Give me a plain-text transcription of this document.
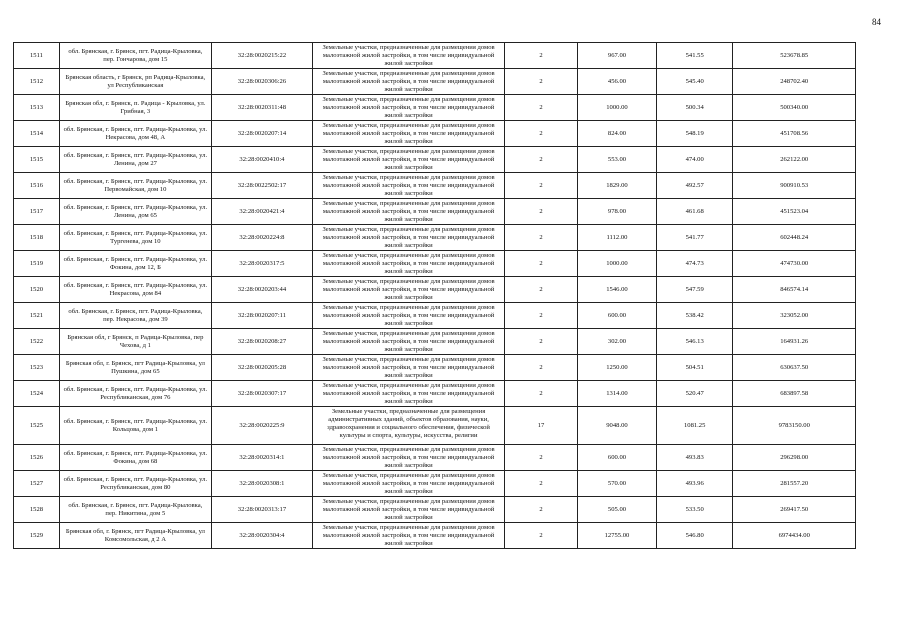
84
1511	обл. Брянская, г. Брянск, пгт. Радица-Крыловка, пер. Гончарова, дом 15	32:28:0020215:22	Земельные участки, предназначенные для размещения домов малоэтажной жилой застройки, в том числе индивидуальной жилой застройки	2	967.00	541.55	523678.85
1512	Брянская область, г Брянск, рп Радица-Крыловка, ул Республиканская	32:28:0020306:26	Земельные участки, предназначенные для размещения домов малоэтажной жилой застройки, в том числе индивидуальной жилой застройки	2	456.00	545.40	248702.40
1513	Брянская обл, г. Брянск, п. Радица - Крыловка, ул. Грибная, 3	32:28:0020311:48	Земельные участки, предназначенные для размещения домов малоэтажной жилой застройки, в том числе индивидуальной жилой застройки	2	1000.00	500.34	500340.00
1514	обл. Брянская, г. Брянск, пгт. Радица-Крыловка, ул. Некрасова, дом 48, А	32:28:0020207:14	Земельные участки, предназначенные для размещения домов малоэтажной жилой застройки, в том числе индивидуальной жилой застройки	2	824.00	548.19	451708.56
1515	обл. Брянская, г. Брянск, пгт. Радица-Крыловка, ул. Ленина, дом 27	32:28:0020410:4	Земельные участки, предназначенные для размещения домов малоэтажной жилой застройки, в том числе индивидуальной жилой застройки	2	553.00	474.00	262122.00
1516	обл. Брянская, г. Брянск, пгт. Радица-Крыловка, ул. Первомайская, дом 10	32:28:0022502:17	Земельные участки, предназначенные для размещения домов малоэтажной жилой застройки, в том числе индивидуальной жилой застройки	2	1829.00	492.57	900910.53
1517	обл. Брянская, г. Брянск, пгт. Радица-Крыловка, ул. Ленина, дом 65	32:28:0020421:4	Земельные участки, предназначенные для размещения домов малоэтажной жилой застройки, в том числе индивидуальной жилой застройки	2	978.00	461.68	451523.04
1518	обл. Брянская, г. Брянск, пгт. Радица-Крыловка, ул. Тургенева, дом 10	32:28:0020224:8	Земельные участки, предназначенные для размещения домов малоэтажной жилой застройки, в том числе индивидуальной жилой застройки	2	1112.00	541.77	602448.24
1519	обл. Брянская, г. Брянск, пгт. Радица-Крыловка, ул. Фокина, дом 12, Б	32:28:0020317:5	Земельные участки, предназначенные для размещения домов малоэтажной жилой застройки, в том числе индивидуальной жилой застройки	2	1000.00	474.73	474730.00
1520	обл. Брянская, г. Брянск, пгт. Радица-Крыловка, ул. Некрасова, дом 84	32:28:0020203:44	Земельные участки, предназначенные для размещения домов малоэтажной жилой застройки, в том числе индивидуальной жилой застройки	2	1546.00	547.59	846574.14
1521	обл. Брянская, г. Брянск, пгт. Радица-Крыловка, пер. Некрасова, дом 39	32:28:0020207:11	Земельные участки, предназначенные для размещения домов малоэтажной жилой застройки, в том числе индивидуальной жилой застройки	2	600.00	538.42	323052.00
1522	Брянская обл, г Брянск, п Радица-Крыловка, пер Чехова, д 1	32:28:0020208:27	Земельные участки, предназначенные для размещения домов малоэтажной жилой застройки, в том числе индивидуальной жилой застройки	2	302.00	546.13	164931.26
1523	Брянская обл, г. Брянск, пгт Радица-Крыловка, ул Пушкина, дом 65	32:28:0020205:28	Земельные участки, предназначенные для размещения домов малоэтажной жилой застройки, в том числе индивидуальной жилой застройки	2	1250.00	504.51	630637.50
1524	обл. Брянская, г. Брянск, пгт. Радица-Крыловка, ул. Республиканская, дом 76	32:28:0020307:17	Земельные участки, предназначенные для размещения домов малоэтажной жилой застройки, в том числе индивидуальной жилой застройки	2	1314.00	520.47	683897.58
1525	обл. Брянская, г. Брянск, пгт. Радица-Крыловка, ул. Кольцова, дом 1	32:28:0020225:9	Земельные участки, предназначенные для размещения административных зданий, объектов образования, науки, здравоохранения и социального обеспечения, физической культуры и спорта, культуры, искусства, религии	17	9048.00	1081.25	9783150.00
1526	обл. Брянская, г. Брянск, пгт. Радица-Крыловка, ул. Фокина, дом 68	32:28:0020314:1	Земельные участки, предназначенные для размещения домов малоэтажной жилой застройки, в том числе индивидуальной жилой застройки	2	600.00	493.83	296298.00
1527	обл. Брянская, г. Брянск, пгт. Радица-Крыловка, ул. Республиканская, дом 80	32:28:0020308:1	Земельные участки, предназначенные для размещения домов малоэтажной жилой застройки, в том числе индивидуальной жилой застройки	2	570.00	493.96	281557.20
1528	обл. Брянская, г. Брянск, пгт. Радица-Крыловка, пер. Никитина, дом 5	32:28:0020313:17	Земельные участки, предназначенные для размещения домов малоэтажной жилой застройки, в том числе индивидуальной жилой застройки	2	505.00	533.50	269417.50
1529	Брянская обл, г. Брянск, пгт Радица-Крыловка, ул Комсомольская, д 2 А	32:28:0020304:4	Земельные участки, предназначенные для размещения домов малоэтажной жилой застройки, в том числе индивидуальной жилой застройки	2	12755.00	546.80	6974434.00
